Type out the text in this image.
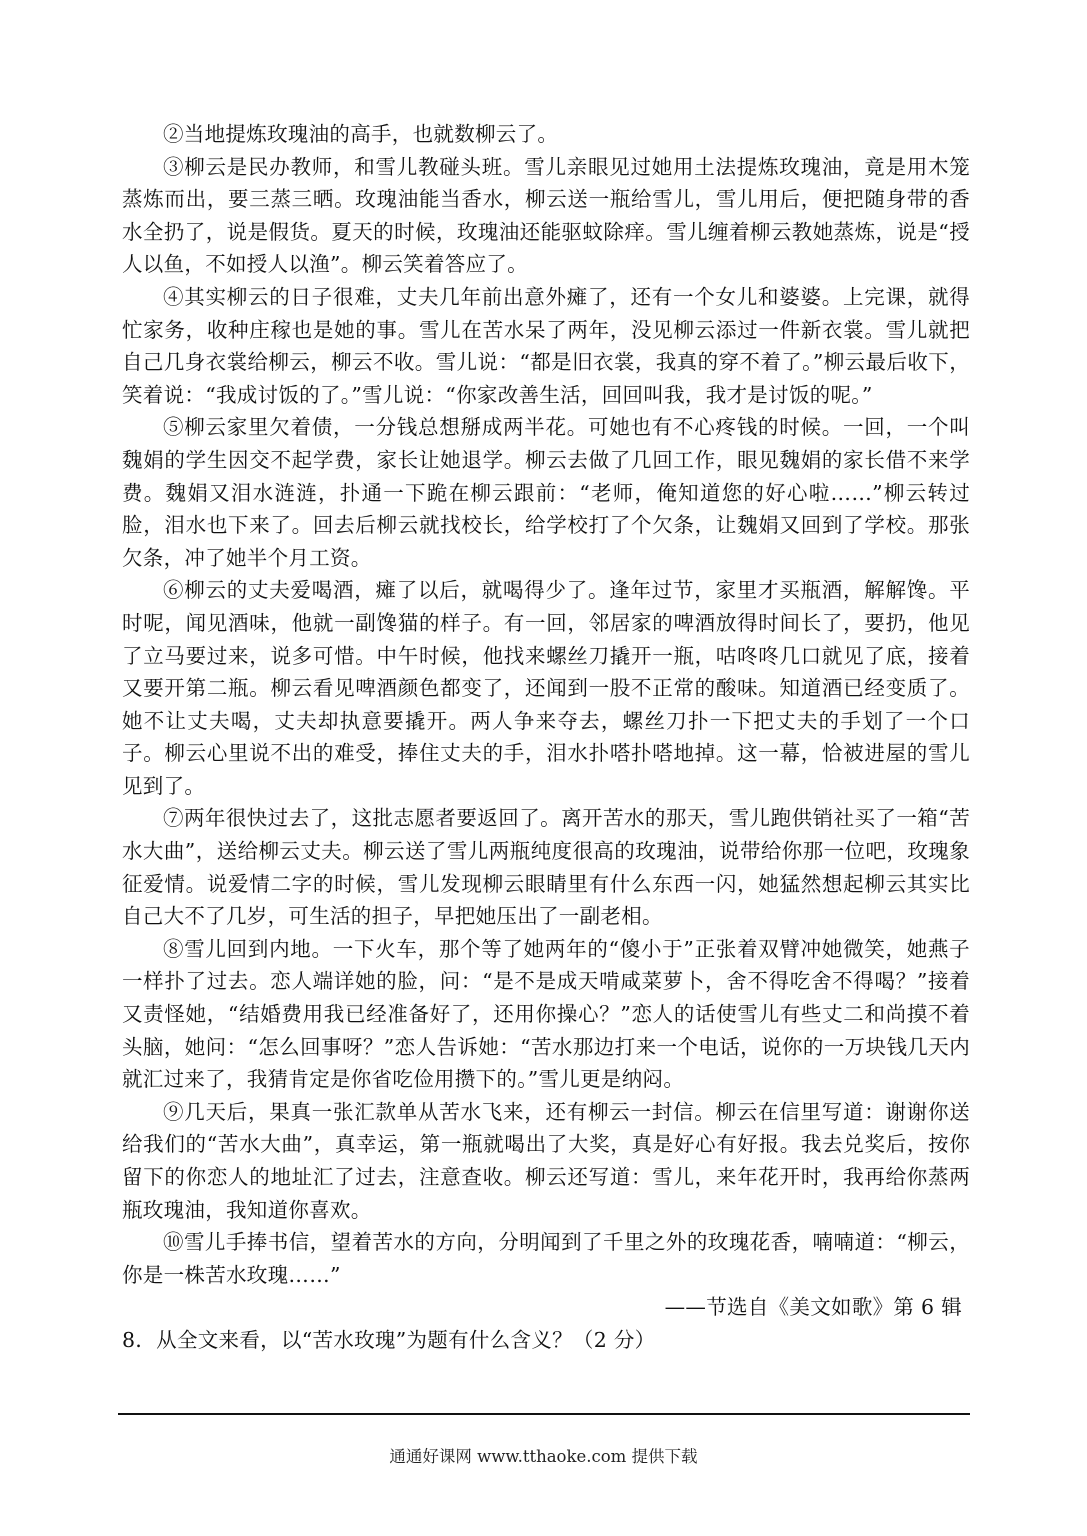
②当地提炼玫瑰油的高手，也就数柳云了。

③柳云是民办教师，和雪儿教碰头班。雪儿亲眼见过她用土法提炼玫瑰油，竟是用木笼蒸炼而出，要三蒸三晒。玫瑰油能当香水，柳云送一瓶给雪儿，雪儿用后，便把随身带的香水全扔了，说是假货。夏天的时候，玫瑰油还能驱蚊除痒。雪儿缠着柳云教她蒸炼，说是“授人以鱼，不如授人以渔”。柳云笑着答应了。

④其实柳云的日子很难，丈夫几年前出意外瘫了，还有一个女儿和婆婆。上完课，就得忙家务，收种庄稼也是她的事。雪儿在苦水呆了两年，没见柳云添过一件新衣裳。雪儿就把自己几身衣裳给柳云，柳云不收。雪儿说：“都是旧衣裳，我真的穿不着了。”柳云最后收下，笑着说：“我成讨饭的了。”雪儿说：“你家改善生活，回回叫我，我才是讨饭的呢。”

⑤柳云家里欠着债，一分钱总想掰成两半花。可她也有不心疼钱的时候。一回，一个叫魏娟的学生因交不起学费，家长让她退学。柳云去做了几回工作，眼见魏娟的家长借不来学费。魏娟又泪水涟涟，扑通一下跪在柳云跟前：“老师，俺知道您的好心啦……”柳云转过脸，泪水也下来了。回去后柳云就找校长，给学校打了个欠条，让魏娟又回到了学校。那张欠条，冲了她半个月工资。

⑥柳云的丈夫爱喝酒，瘫了以后，就喝得少了。逢年过节，家里才买瓶酒，解解馋。平时呢，闻见酒味，他就一副馋猫的样子。有一回，邻居家的啤酒放得时间长了，要扔，他见了立马要过来，说多可惜。中午时候，他找来螺丝刀撬开一瓶，咕咚咚几口就见了底，接着又要开第二瓶。柳云看见啤酒颜色都变了，还闻到一股不正常的酸味。知道酒已经变质了。她不让丈夫喝，丈夫却执意要撬开。两人争来夺去，螺丝刀扑一下把丈夫的手划了一个口子。柳云心里说不出的难受，捧住丈夫的手，泪水扑嗒扑嗒地掉。这一幕，恰被进屋的雪儿见到了。

⑦两年很快过去了，这批志愿者要返回了。离开苦水的那天，雪儿跑供销社买了一箱“苦水大曲”，送给柳云丈夫。柳云送了雪儿两瓶纯度很高的玫瑰油，说带给你那一位吧，玫瑰象征爱情。说爱情二字的时候，雪儿发现柳云眼睛里有什么东西一闪，她猛然想起柳云其实比自己大不了几岁，可生活的担子，早把她压出了一副老相。

⑧雪儿回到内地。一下火车，那个等了她两年的“傻小于”正张着双臂冲她微笑，她燕子一样扑了过去。恋人端详她的脸，问：“是不是成天啃咸菜萝卜，舍不得吃舍不得喝？”接着又责怪她，“结婚费用我已经准备好了，还用你操心？”恋人的话使雪儿有些丈二和尚摸不着头脑，她问：“怎么回事呀？”恋人告诉她：“苦水那边打来一个电话，说你的一万块钱几天内就汇过来了，我猜肯定是你省吃俭用攒下的。”雪儿更是纳闷。

⑨几天后，果真一张汇款单从苦水飞来，还有柳云一封信。柳云在信里写道：谢谢你送给我们的“苦水大曲”，真幸运，第一瓶就喝出了大奖，真是好心有好报。我去兑奖后，按你留下的你恋人的地址汇了过去，注意查收。柳云还写道：雪儿，来年花开时，我再给你蒸两瓶玫瑰油，我知道你喜欢。

⑩雪儿手捧书信，望着苦水的方向，分明闻到了千里之外的玫瑰花香，喃喃道：“柳云，你是一株苦水玫瑰……”

——节选自《美文如歌》第 6 辑

8．从全文来看，以“苦水玫瑰”为题有什么含义？（2 分）

通通好课网 www.tthaoke.com 提供下载
